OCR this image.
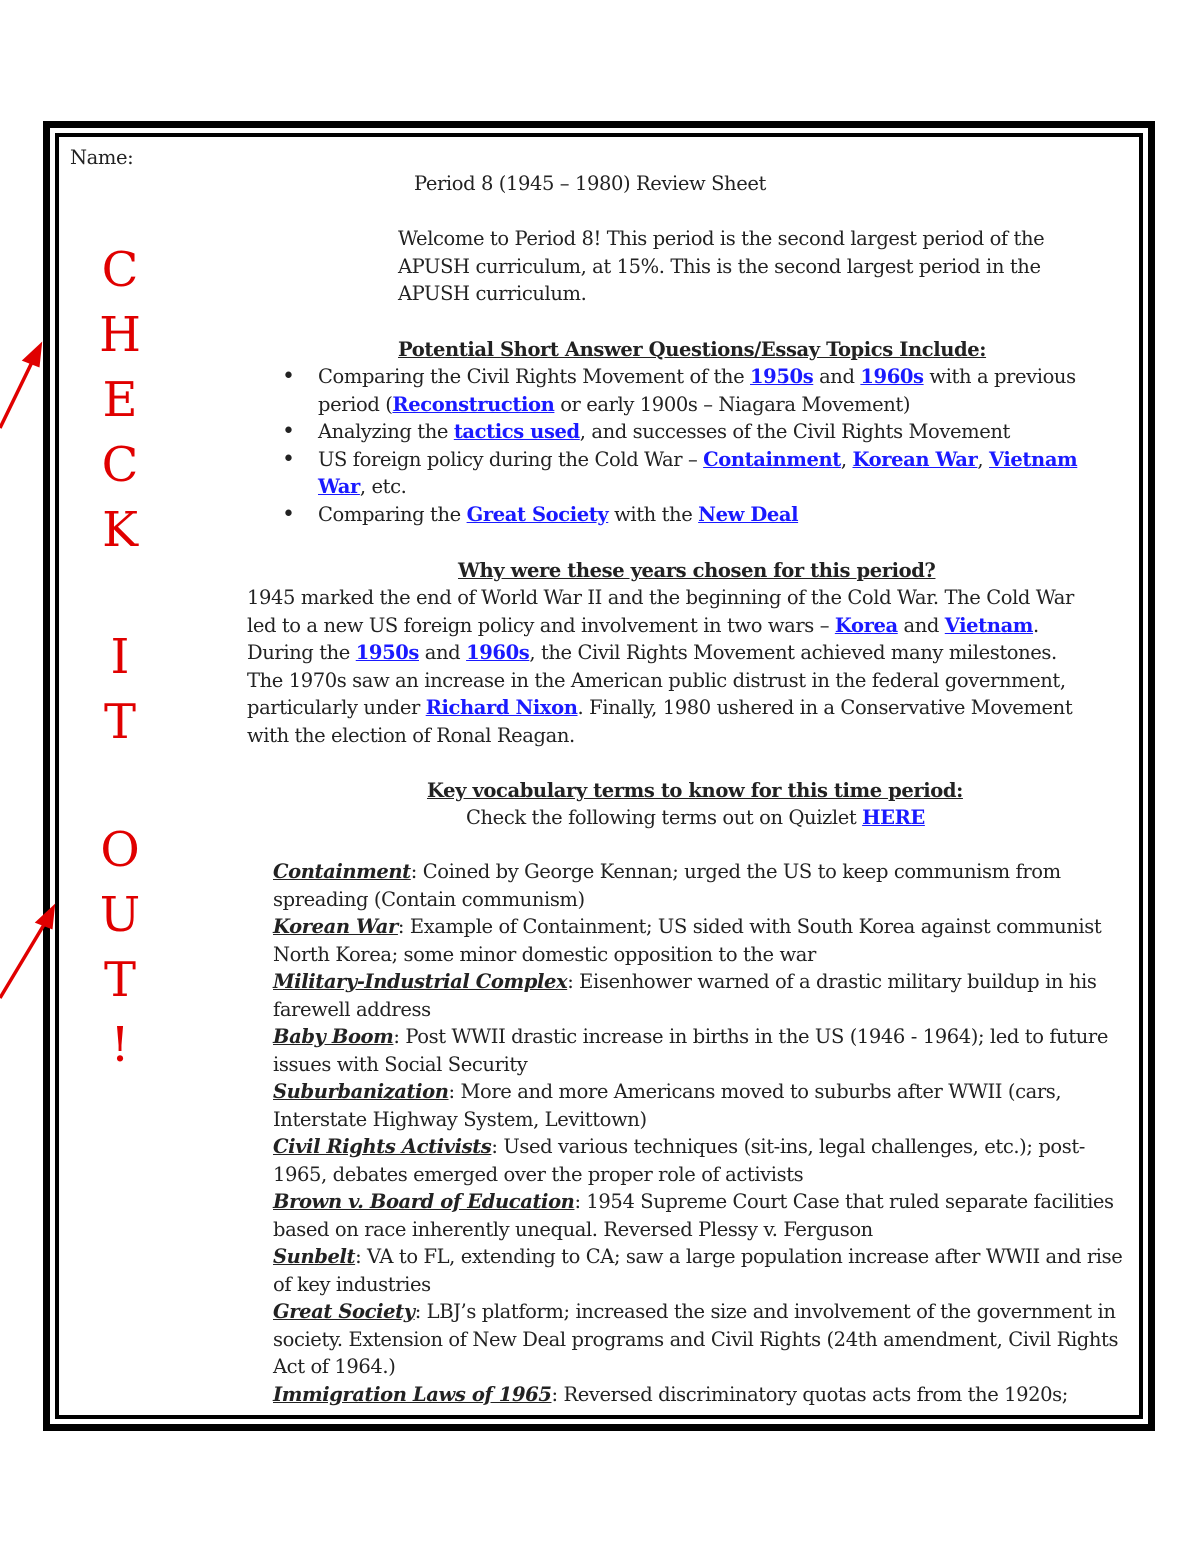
Name:
Period 8 (1945 – 1980) Review Sheet
Welcome to Period 8! This period is the second largest period of the
APUSH curriculum, at 15%. This is the second largest period in the
APUSH curriculum.
C
H
E
C
K
I
T
O
U
T
!
Potential Short Answer Questions/Essay Topics Include:
• Comparing the Civil Rights Movement of the 1950s and 1960s with a previous period (Reconstruction or early 1900s – Niagara Movement)
• Analyzing the tactics used, and successes of the Civil Rights Movement
• US foreign policy during the Cold War – Containment, Korean War, Vietnam War, etc.
• Comparing the Great Society with the New Deal
Why were these years chosen for this period?
1945 marked the end of World War II and the beginning of the Cold War. The Cold War
led to a new US foreign policy and involvement in two wars – Korea and Vietnam.
During the 1950s and 1960s, the Civil Rights Movement achieved many milestones.
The 1970s saw an increase in the American public distrust in the federal government,
particularly under Richard Nixon. Finally, 1980 ushered in a Conservative Movement
with the election of Ronal Reagan.
Key vocabulary terms to know for this time period:
Check the following terms out on Quizlet HERE
Containment: Coined by George Kennan; urged the US to keep communism from spreading (Contain communism)
Korean War: Example of Containment; US sided with South Korea against communist North Korea; some minor domestic opposition to the war
Military-Industrial Complex: Eisenhower warned of a drastic military buildup in his farewell address
Baby Boom: Post WWII drastic increase in births in the US (1946 - 1964); led to future issues with Social Security
Suburbanization: More and more Americans moved to suburbs after WWII (cars, Interstate Highway System, Levittown)
Civil Rights Activists: Used various techniques (sit-ins, legal challenges, etc.); post-1965, debates emerged over the proper role of activists
Brown v. Board of Education: 1954 Supreme Court Case that ruled separate facilities based on race inherently unequal. Reversed Plessy v. Ferguson
Sunbelt: VA to FL, extending to CA; saw a large population increase after WWII and rise of key industries
Great Society: LBJ’s platform; increased the size and involvement of the government in society. Extension of New Deal programs and Civil Rights (24th amendment, Civil Rights Act of 1964.)
Immigration Laws of 1965: Reversed discriminatory quotas acts from the 1920s;
